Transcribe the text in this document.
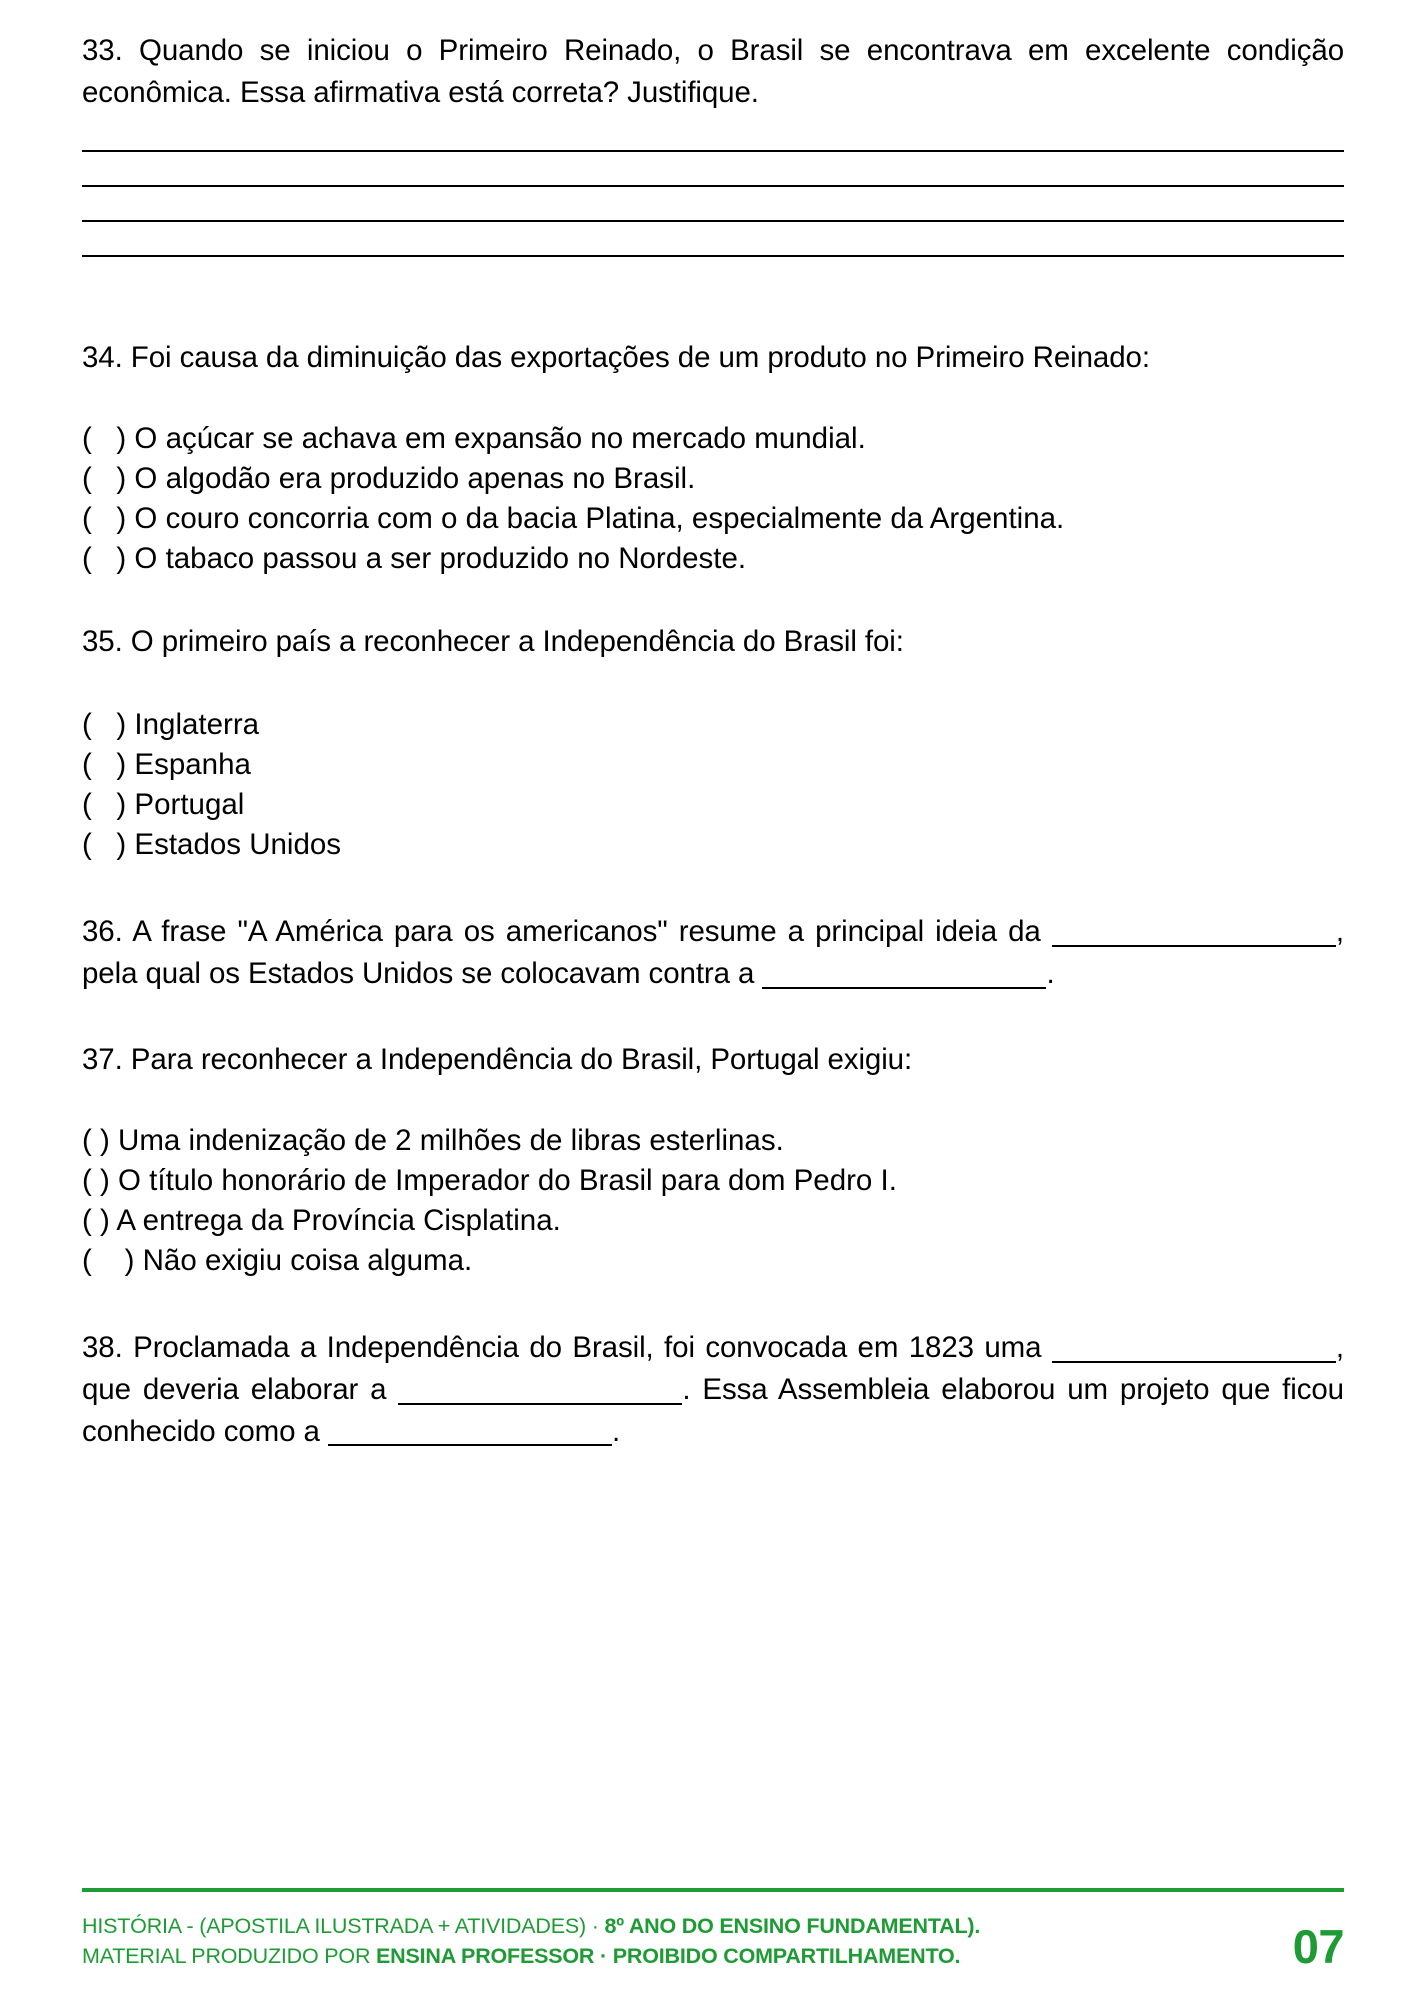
33. Quando se iniciou o Primeiro Reinado, o Brasil se encontrava em excelente condição econômica. Essa afirmativa está correta? Justifique.

34. Foi causa da diminuição das exportações de um produto no Primeiro Reinado:

(   ) O açúcar se achava em expansão no mercado mundial.
(   ) O algodão era produzido apenas no Brasil.
(   ) O couro concorria com o da bacia Platina, especialmente da Argentina.
(   ) O tabaco passou a ser produzido no Nordeste.

35. O primeiro país a reconhecer a Independência do Brasil foi:

(   ) Inglaterra
(   ) Espanha
(   ) Portugal
(   ) Estados Unidos

36. A frase "A América para os americanos" resume a principal ideia da	, pela qual os Estados Unidos se colocavam contra a	.

37. Para reconhecer a Independência do Brasil, Portugal exigiu:

( ) Uma indenização de 2 milhões de libras esterlinas.
( ) O título honorário de Imperador do Brasil para dom Pedro I.
( ) A entrega da Província Cisplatina.
(    ) Não exigiu coisa alguma.

38. Proclamada a Independência do Brasil, foi convocada em 1823 uma	, que deveria elaborar a	. Essa Assembleia elaborou um projeto que ficou conhecido como a	.

HISTÓRIA - (APOSTILA ILUSTRADA + ATIVIDADES) · 8º ANO DO ENSINO FUNDAMENTAL).
MATERIAL PRODUZIDO POR ENSINA PROFESSOR · PROIBIDO COMPARTILHAMENTO.	07
